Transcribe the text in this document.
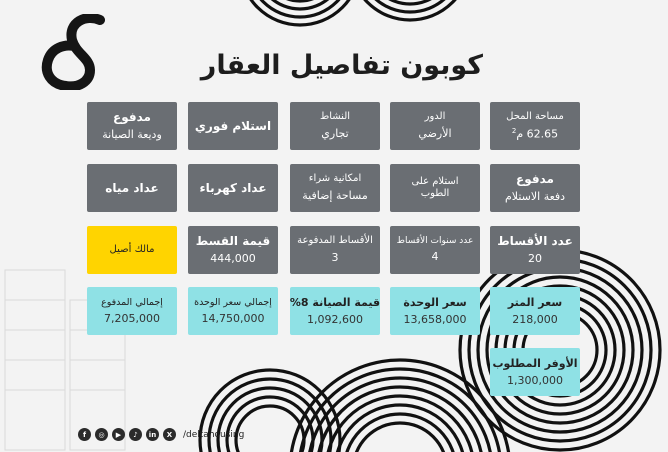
كوبون تفاصيل العقار
مساحة المحل
62.65 م$^2$
الدور
الأرضي
النشاط
تجاري
استلام فوري
مدفوع
وديعة الصيانة
مدفوع
دفعة الاستلام
استلام على
الطوب
امكانية شراء
مساحة إضافية
عداد كهرباء
عداد مياه
عدد الأقساط
20
عدد سنوات الأقساط
4
الأقساط المدفوعة
3
قيمة القسط
444,000
مالك أصيل
سعر المتر
218,000
سعر الوحدة
13,658,000
قيمة الصيانة 8%
1,092,600
إجمالي سعر الوحدة
14,750,000
إجمالي المدفوع
7,205,000
الأوفر المطلوب
1,300,000
f	◎	▶	♪	in	X	/deltahousing
